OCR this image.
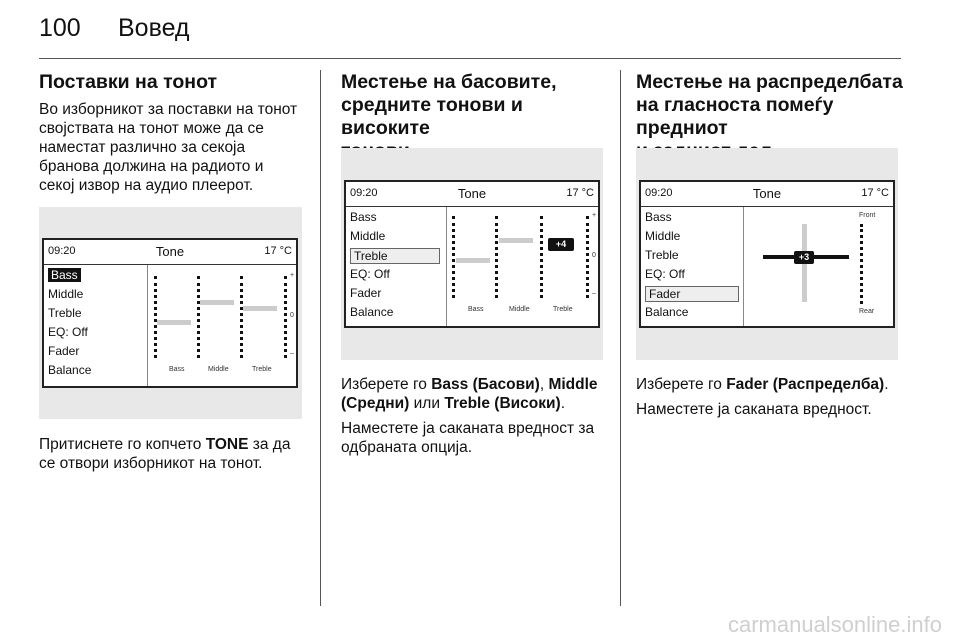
100 Вовед
Поставки на тонот

Во изборникот за поставки на тонот

својствата на тонот може да се

наместат различно за секоја

бранова должина на радиото и

секој извор на аудио плеерот.

09:20	Tone	17 °C
Bass
Middle
Treble
EQ: Off
Fader
Balance
+
0
–
Bass	Middle	Treble

Притиснете го копчето TONE за да

се отвори изборникот на тонот.

Местење на басовите,
средните тонови и високите
09:20	Tone	17 °C
Bass
Middle
Treble
EQ: Off
Fader
Balance
+4
+
0
–
Bass	Middle	Treble

Изберете го Bass (Басови), Middle

(Средни) или Treble (Високи).

Наместете ја саканата вредност за

одбраната опција.

Местење на распределбата
на гласноста помеѓу предниот
09:20	Tone	17 °C
Bass
Middle
Treble
EQ: Off
Fader
Balance
Front
Rear
+3

Изберете го Fader (Распределба).

Наместете ја саканата вредност.

carmanualsonline.info
